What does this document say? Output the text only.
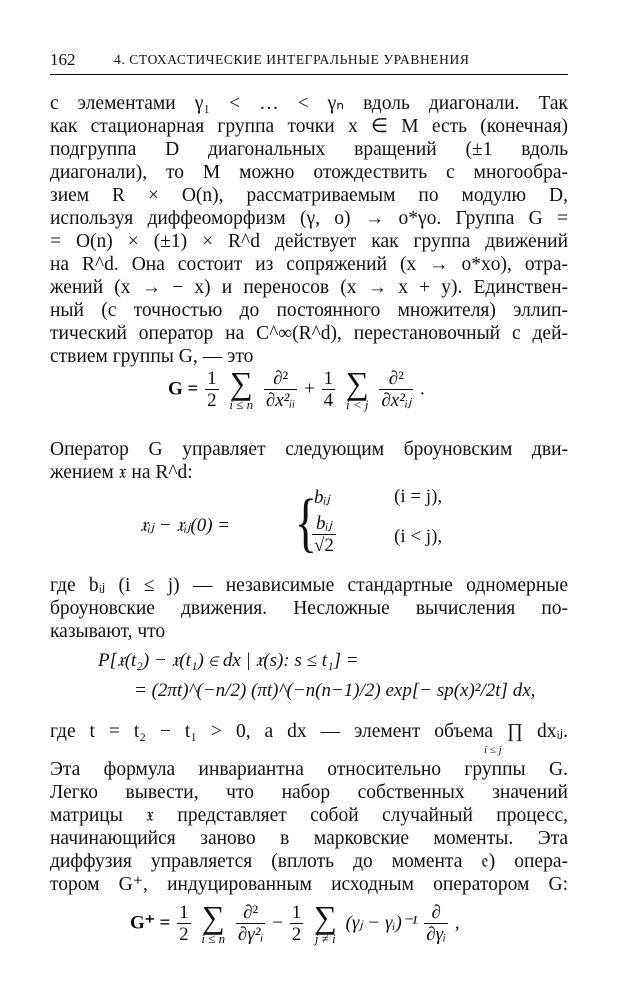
162	4. СТОХАСТИЧЕСКИЕ ИНТЕГРАЛЬНЫЕ УРАВНЕНИЯ
с элементами γ₁ < … < γₙ вдоль диагонали. Так
как стационарная группа точки x ∈ M есть (конечная)
подгруппа D диагональных вращений (±1 вдоль
диагонали), то M можно отождествить с многообра-
зием R × O(n), рассматриваемым по модулю D,
используя диффеоморфизм (γ, o) → o*γo. Группа G =
= O(n) × (±1) × R^d действует как группа движений
на R^d. Она состоит из сопряжений (x → o*xo), отра-
жений (x → − x) и переносов (x → x + y). Единствен-
ный (с точностью до постоянного множителя) эллип-
тический оператор на C^∞(R^d), перестановочный с дей-
ствием группы G, — это
$G = \frac{1}{2}$
∑
i ≤ n
$\frac{\text{∂²}}{\text{∂x²ᵢᵢ}} + \frac{1}{4}$
∑
i < j
$\frac{\text{∂²}}{\text{∂x²ᵢⱼ}}$ .
Оператор G управляет следующим броуновским дви-
жением 𝔵 на R^d:
𝔵ᵢⱼ − 𝔵ᵢⱼ(0) = {
bᵢⱼ	(i = j),
bᵢⱼ
√2	(i < j),
где bᵢⱼ (i ≤ j) — независимые стандартные одномерные
броуновские движения. Несложные вычисления по-
казывают, что
P[𝔵(t₂) − 𝔵(t₁) ∈ dx | 𝔵(s): s ≤ t₁] =
= (2πt)^(−n/2) (πt)^(−n(n−1)/2) exp[− sp(x)²/2t] dx,
где t = t₂ − t₁ > 0, а dx — элемент объема ∏ dxᵢⱼ.
i ≤ j
Эта формула инвариантна относительно группы G.
Легко вывести, что набор собственных значений
матрицы 𝔵 представляет собой случайный процесс,
начинающийся заново в марковские моменты. Эта
диффузия управляется (вплоть до момента 𝔢) опера-
тором G⁺, индуцированным исходным оператором G:
$G^+ = \frac{1}{2}$
∑
i ≤ n
$\frac{\text{∂²}}{\text{∂γ²ᵢ}} - \frac{1}{2}$
∑
j ≠ i
(γⱼ − γᵢ)⁻¹ $\frac{\partial}{\text{∂γᵢ}}$ ,
